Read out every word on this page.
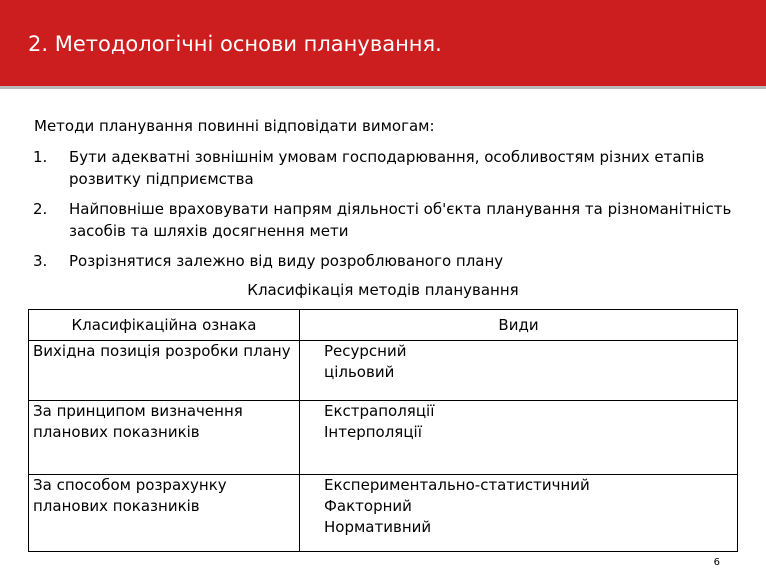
2. Методологічні основи планування.
Методи планування повинні відповідати вимогам:
1. Бути адекватні зовнішнім умовам господарювання, особливостям різних етапів розвитку підприємства
2. Найповніше враховувати напрям діяльності об'єкта планування та різноманітність засобів та шляхів досягнення мети
3. Розрізнятися залежно від виду розроблюваного плану
Класифікація методів планування
Класифікаційна ознака	Види
Вихідна позиція розробки плану	Ресурсний
цільовий

За принципом визначення планових показників	Екстраполяції
Інтерполяції

За способом розрахунку планових показників	Експериментально-статистичний
Факторний
Нормативний
6
